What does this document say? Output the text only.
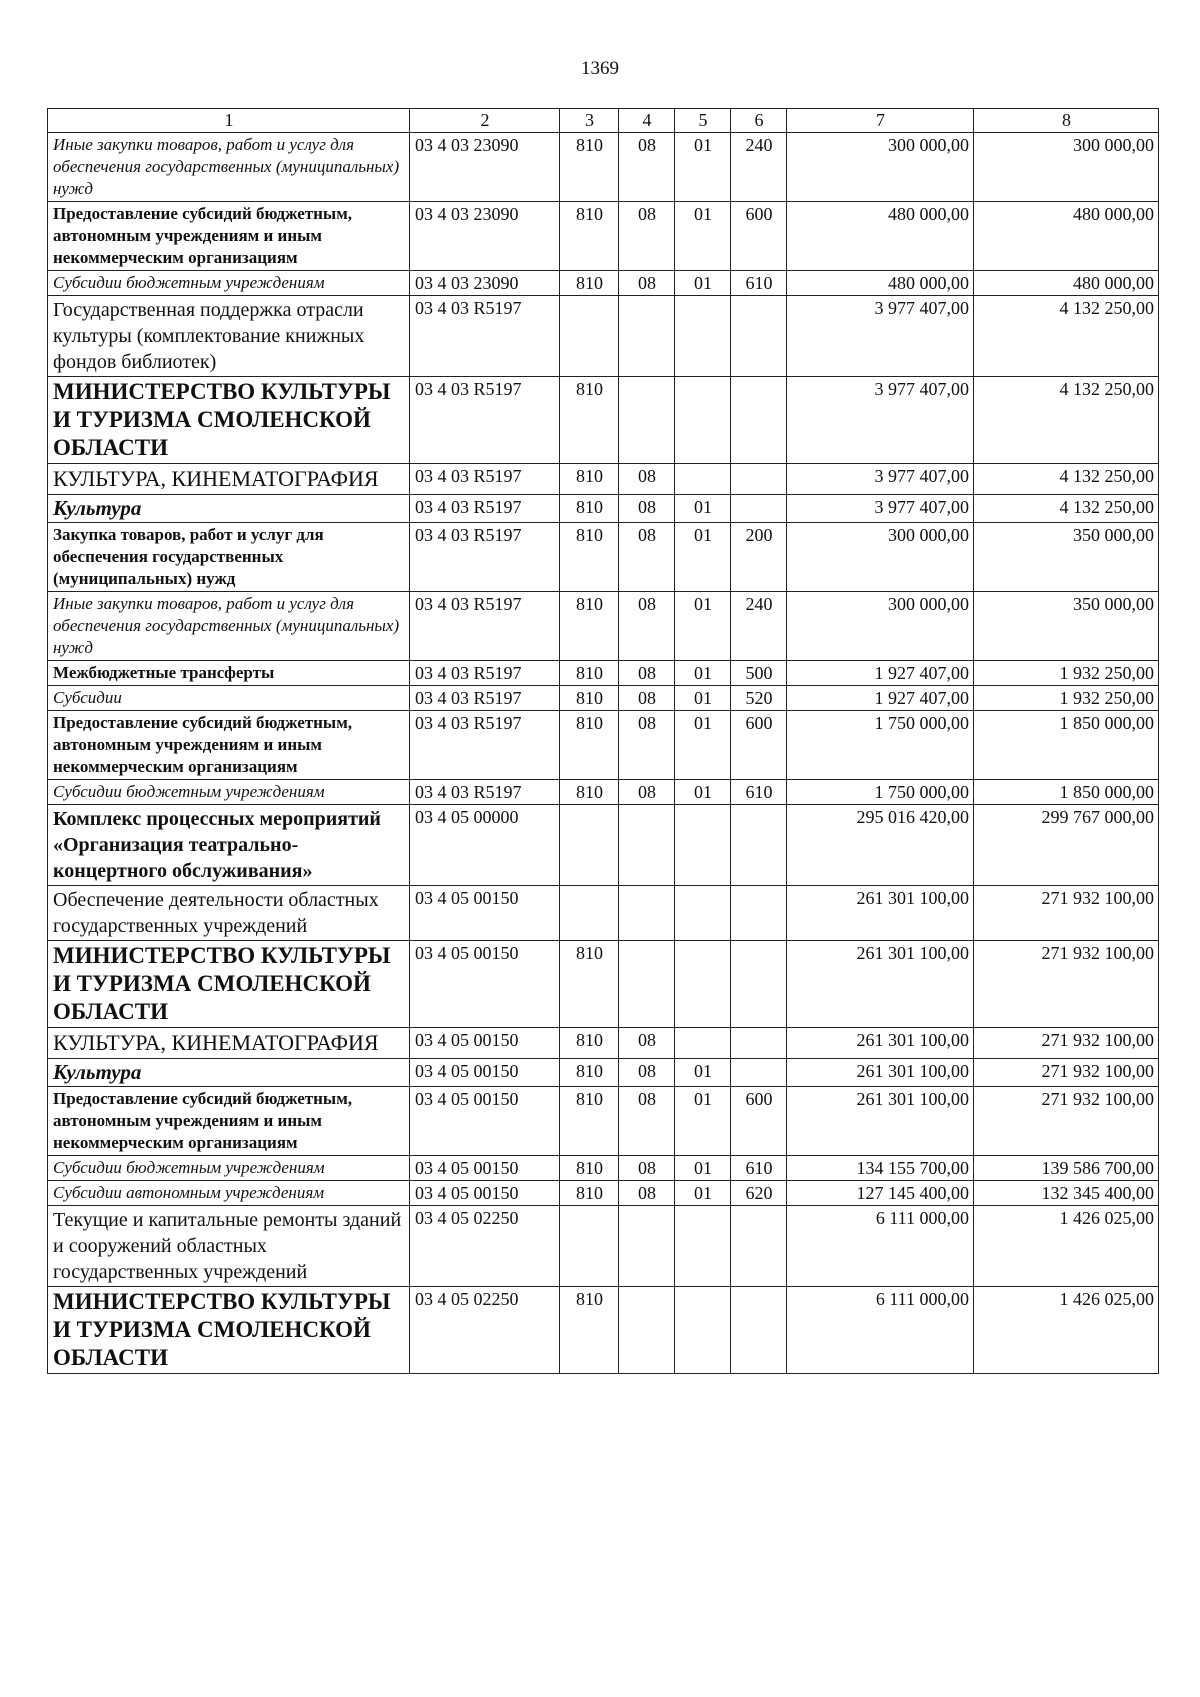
1369
1	2	3	4	5	6	7	8
Иные закупки товаров, работ и услуг для обеспечения государственных (муниципальных) нужд	03 4 03 23090	810	08	01	240	300 000,00	300 000,00
Предоставление субсидий бюджетным, автономным учреждениям и иным некоммерческим организациям	03 4 03 23090	810	08	01	600	480 000,00	480 000,00
Субсидии бюджетным учреждениям	03 4 03 23090	810	08	01	610	480 000,00	480 000,00
Государственная поддержка отрасли культуры (комплектование книжных фондов библиотек)	03 4 03 R5197					3 977 407,00	4 132 250,00
МИНИСТЕРСТВО КУЛЬТУРЫ И ТУРИЗМА СМОЛЕНСКОЙ ОБЛАСТИ	03 4 03 R5197	810				3 977 407,00	4 132 250,00
КУЛЬТУРА, КИНЕМАТОГРАФИЯ	03 4 03 R5197	810	08			3 977 407,00	4 132 250,00
Культура	03 4 03 R5197	810	08	01		3 977 407,00	4 132 250,00
Закупка товаров, работ и услуг для обеспечения государственных (муниципальных) нужд	03 4 03 R5197	810	08	01	200	300 000,00	350 000,00
Иные закупки товаров, работ и услуг для обеспечения государственных (муниципальных) нужд	03 4 03 R5197	810	08	01	240	300 000,00	350 000,00
Межбюджетные трансферты	03 4 03 R5197	810	08	01	500	1 927 407,00	1 932 250,00
Субсидии	03 4 03 R5197	810	08	01	520	1 927 407,00	1 932 250,00
Предоставление субсидий бюджетным, автономным учреждениям и иным некоммерческим организациям	03 4 03 R5197	810	08	01	600	1 750 000,00	1 850 000,00
Субсидии бюджетным учреждениям	03 4 03 R5197	810	08	01	610	1 750 000,00	1 850 000,00
Комплекс процессных мероприятий «Организация театрально-концертного обслуживания»	03 4 05 00000					295 016 420,00	299 767 000,00
Обеспечение деятельности областных государственных учреждений	03 4 05 00150					261 301 100,00	271 932 100,00
МИНИСТЕРСТВО КУЛЬТУРЫ И ТУРИЗМА СМОЛЕНСКОЙ ОБЛАСТИ	03 4 05 00150	810				261 301 100,00	271 932 100,00
КУЛЬТУРА, КИНЕМАТОГРАФИЯ	03 4 05 00150	810	08			261 301 100,00	271 932 100,00
Культура	03 4 05 00150	810	08	01		261 301 100,00	271 932 100,00
Предоставление субсидий бюджетным, автономным учреждениям и иным некоммерческим организациям	03 4 05 00150	810	08	01	600	261 301 100,00	271 932 100,00
Субсидии бюджетным учреждениям	03 4 05 00150	810	08	01	610	134 155 700,00	139 586 700,00
Субсидии автономным учреждениям	03 4 05 00150	810	08	01	620	127 145 400,00	132 345 400,00
Текущие и капитальные ремонты зданий и сооружений областных государственных учреждений	03 4 05 02250					6 111 000,00	1 426 025,00
МИНИСТЕРСТВО КУЛЬТУРЫ И ТУРИЗМА СМОЛЕНСКОЙ ОБЛАСТИ	03 4 05 02250	810				6 111 000,00	1 426 025,00
